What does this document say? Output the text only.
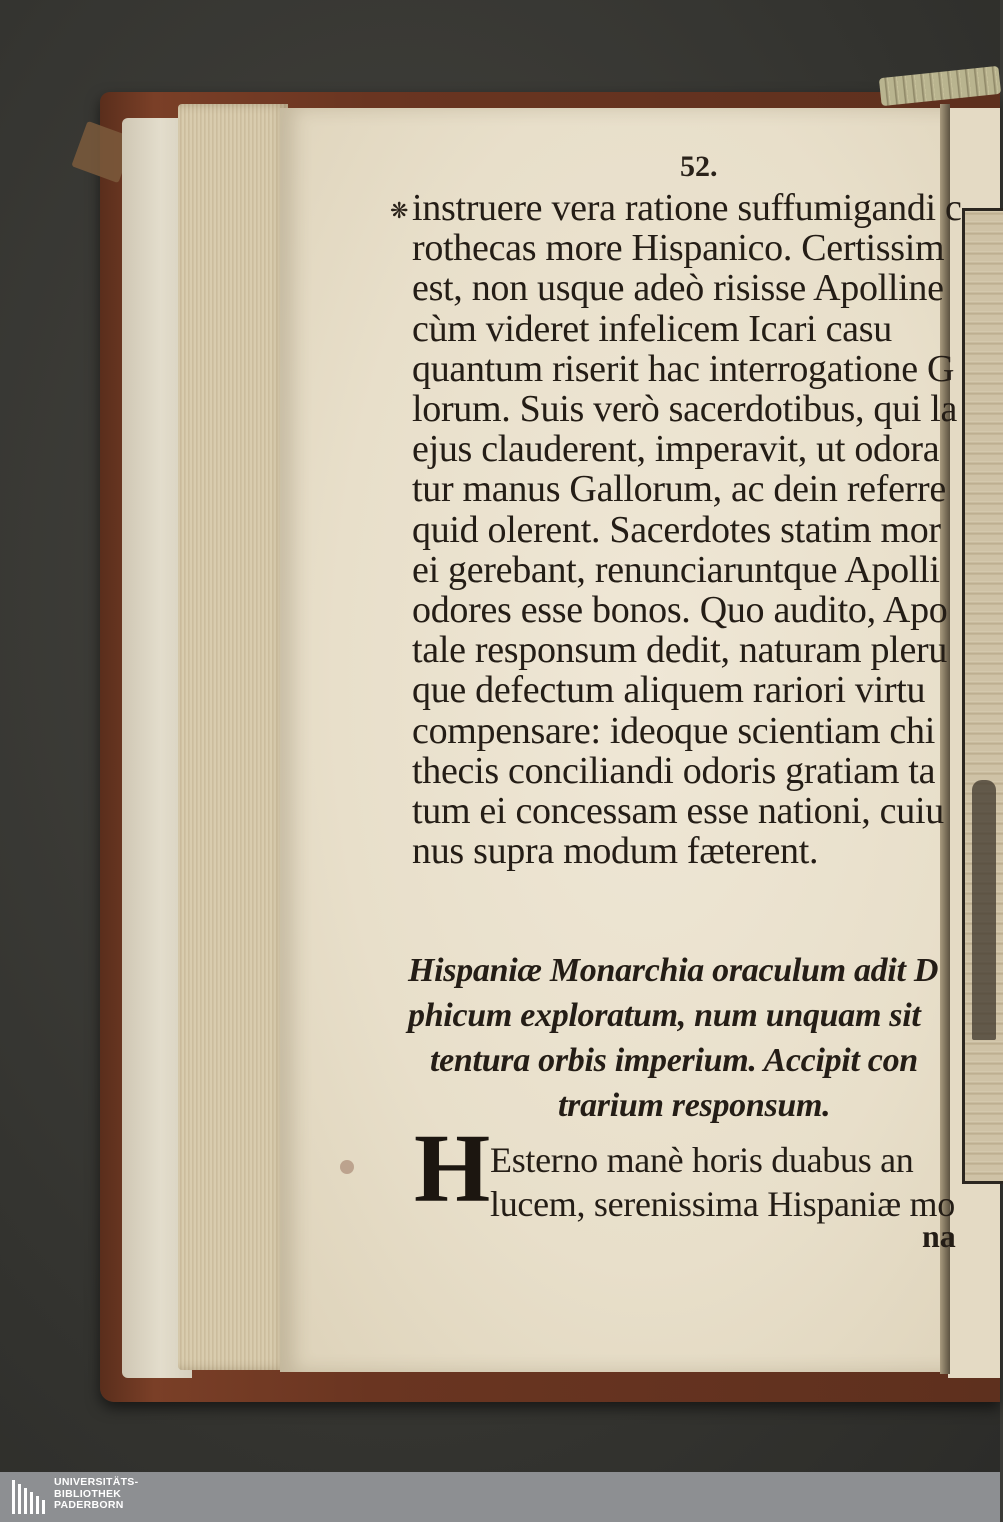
52.
❋ instruere vera ratione suffumigandi c
rothecas more Hispanico. Certissim
est, non usque adeò risisse Apolline
cùm videret infelicem Icari casu
quantum riserit hac interrogatione G
lorum. Suis verò sacerdotibus, qui la
ejus clauderent, imperavit, ut odora
tur manus Gallorum, ac dein referre
quid olerent. Sacerdotes statim mor
ei gerebant, renunciaruntque Apolli
odores esse bonos. Quo audito, Apo
tale responsum dedit, naturam pleru
que defectum aliquem rariori virtu
compensare: ideoque scientiam chi
thecis conciliandi odoris gratiam ta
tum ei concessam esse nationi, cuiu
nus supra modum fæterent.
Hispaniæ Monarchia oraculum adit D
phicum exploratum, num unquam sit
tentura orbis imperium. Accipit con
trarium responsum.
H Esterno manè horis duabus an
lucem, serenissima Hispaniæ mo
na
UNIVERSITÄTS-
BIBLIOTHEK
PADERBORN
